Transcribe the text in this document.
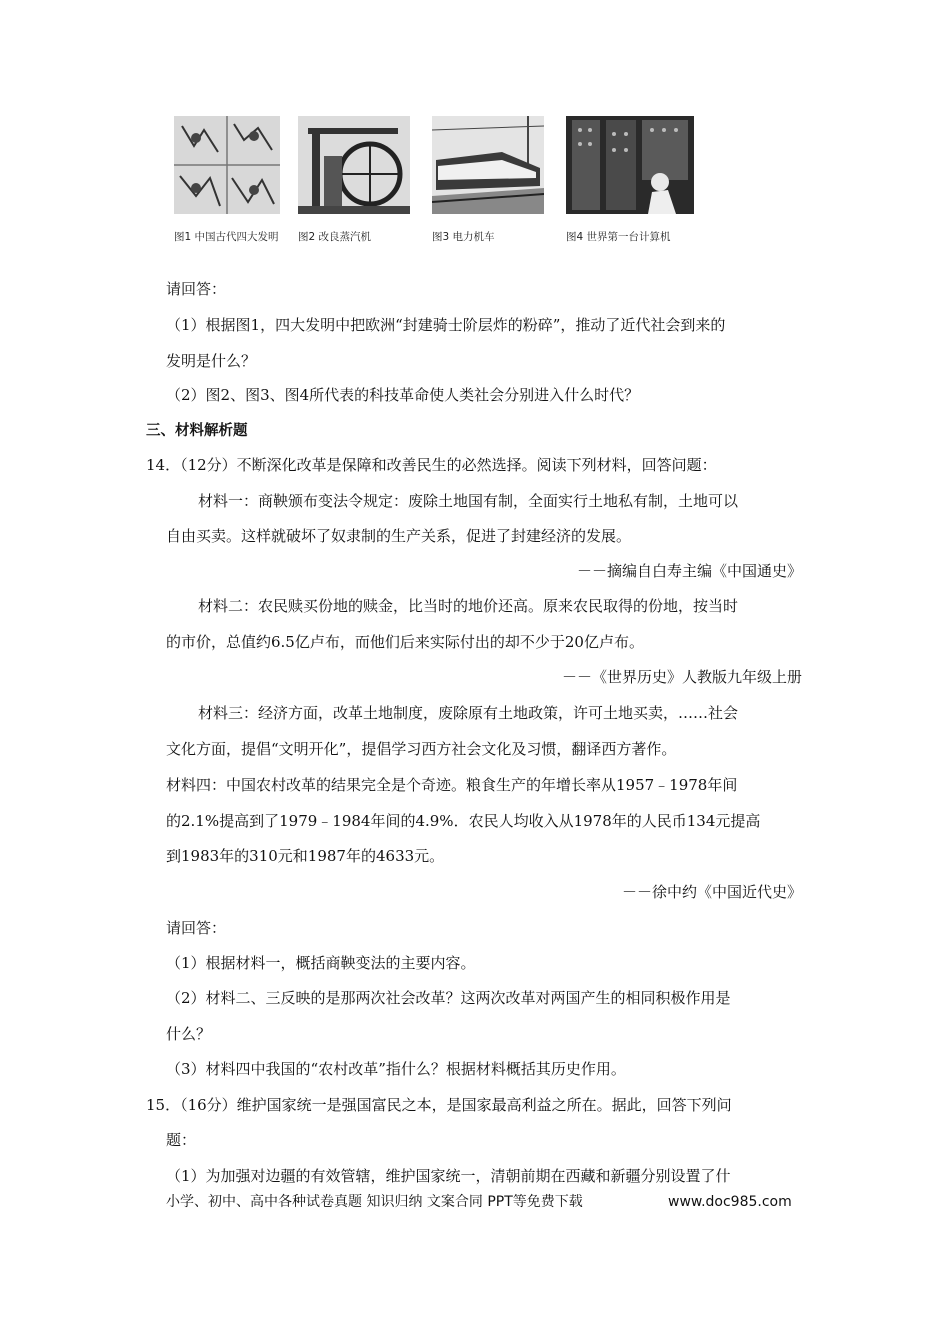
图1 中国古代四大发明 图2 改良蒸汽机	图3 电力机车	图4 世界第一台计算机
请回答：
（1）根据图1，四大发明中把欧洲“封建骑士阶层炸的粉碎”，推动了近代社会到来的
发明是什么？
（2）图2、图3、图4所代表的科技革命使人类社会分别进入什么时代？
三、材料解析题
14．（12分）不断深化改革是保障和改善民生的必然选择。阅读下列材料，回答问题：
材料一：商鞅颁布变法令规定：废除土地国有制，全面实行土地私有制，土地可以
自由买卖。这样就破坏了奴隶制的生产关系，促进了封建经济的发展。
－－摘编自白寿主编《中国通史》
材料二：农民赎买份地的赎金，比当时的地价还高。原来农民取得的份地，按当时
的市价，总值约6.5亿卢布，而他们后来实际付出的却不少于20亿卢布。
－－《世界历史》人教版九年级上册
材料三：经济方面，改革土地制度，废除原有土地政策，许可土地买卖，……社会
文化方面，提倡“文明开化”，提倡学习西方社会文化及习惯，翻译西方著作。
材料四：中国农村改革的结果完全是个奇迹。粮食生产的年增长率从1957﹣1978年间
的2.1%提高到了1979﹣1984年间的4.9%．农民人均收入从1978年的人民币134元提高
到1983年的310元和1987年的4633元。
－－徐中约《中国近代史》
请回答：
（1）根据材料一，概括商鞅变法的主要内容。
（2）材料二、三反映的是那两次社会改革？这两次改革对两国产生的相同积极作用是
什么？
（3）材料四中我国的“农村改革”指什么？根据材料概括其历史作用。
15．（16分）维护国家统一是强国富民之本，是国家最高利益之所在。据此，回答下列问
题：
（1）为加强对边疆的有效管辖，维护国家统一，清朝前期在西藏和新疆分别设置了什
小学、初中、高中各种试卷真题 知识归纳 文案合同 PPT等免费下载	www.doc985.com
